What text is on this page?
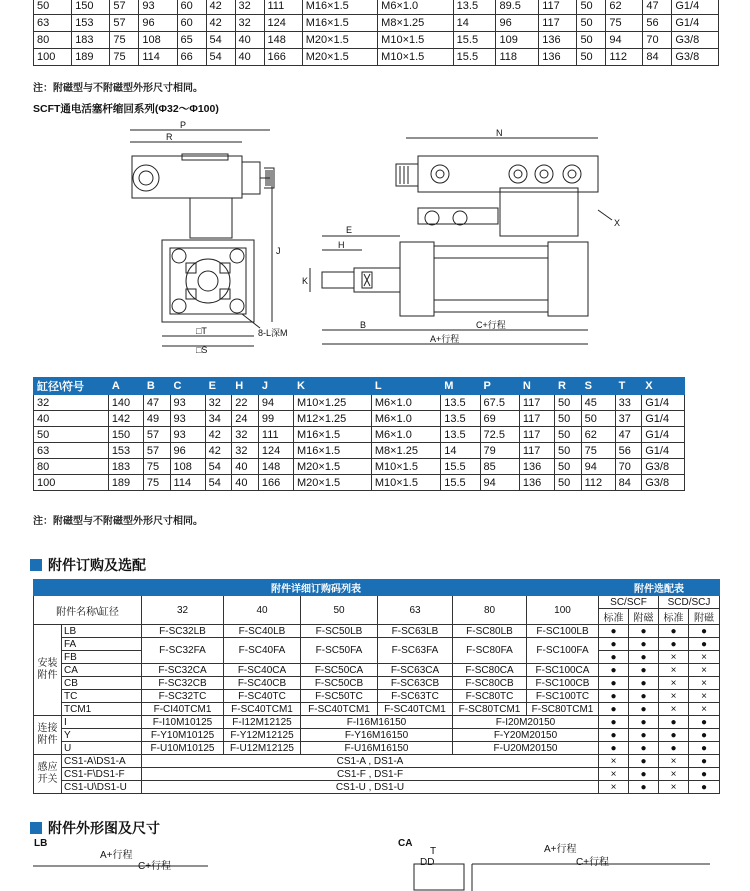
50	150	57	93	60	42	32	111	M16×1.5	M6×1.0	13.5	89.5	117	50	62	47	G1/4
63	153	57	96	60	42	32	124	M16×1.5	M8×1.25	14	96	117	50	75	56	G1/4
80	183	75	108	65	54	40	148	M20×1.5	M10×1.5	15.5	109	136	50	94	70	G3/8
100	189	75	114	66	54	40	166	M20×1.5	M10×1.5	15.5	118	136	50	112	84	G3/8
注：附磁型与不附磁型外形尺寸相同。
SCFT通电活塞杆缩回系列(Φ32～Φ100)
P
R
J
□T
□S
8-L深M
N
X
E
H
K
B	C+行程
A+行程
缸径\符号	A	B	C	E	H	J	K	L	M	P	N	R	S	T	X
32	140	47	93	32	22	94	M10×1.25	M6×1.0	13.5	67.5	117	50	45	33	G1/4
40	142	49	93	34	24	99	M12×1.25	M6×1.0	13.5	69	117	50	50	37	G1/4
50	150	57	93	42	32	111	M16×1.5	M6×1.0	13.5	72.5	117	50	62	47	G1/4
63	153	57	96	42	32	124	M16×1.5	M8×1.25	14	79	117	50	75	56	G1/4
80	183	75	108	54	40	148	M20×1.5	M10×1.5	15.5	85	136	50	94	70	G3/8
100	189	75	114	54	40	166	M20×1.5	M10×1.5	15.5	94	136	50	112	84	G3/8
注：附磁型与不附磁型外形尺寸相同。
附件订购及选配
附件详细订购码列表								附件选配表			
附件名称\缸径		32	40	50	63	80	100	SC/SCF		SCD/SCJ	
								标准	附磁	标准	附磁
安装附件	LB	F-SC32LB	F-SC40LB	F-SC50LB	F-SC63LB	F-SC80LB	F-SC100LB	●	●	●	●
	FA	F-SC32FA	F-SC40FA	F-SC50FA	F-SC63FA	F-SC80FA	F-SC100FA	●	●	●	●
	FB							●	●	×	×
	CA	F-SC32CA	F-SC40CA	F-SC50CA	F-SC63CA	F-SC80CA	F-SC100CA	●	●	×	×
	CB	F-SC32CB	F-SC40CB	F-SC50CB	F-SC63CB	F-SC80CB	F-SC100CB	●	●	×	×
	TC	F-SC32TC	F-SC40TC	F-SC50TC	F-SC63TC	F-SC80TC	F-SC100TC	●	●	×	×
	TCM1	F-CI40TCM1	F-SC40TCM1	F-SC40TCM1	F-SC40TCM1	F-SC80TCM1	F-SC80TCM1	●	●	×	×
连接附件	I	F-I10M10125	F-I12M12125	F-I16M16150		F-I20M20150		●	●	●	●
	Y	F-Y10M10125	F-Y12M12125	F-Y16M16150		F-Y20M20150		●	●	●	●
	U	F-U10M10125	F-U12M12125	F-U16M16150		F-U20M20150		●	●	●	●
感应开关	CS1-A\DS1-A	CS1-A , DS1-A						×	●	×	●
	CS1-F\DS1-F	CS1-F , DS1-F						×	●	×	●
	CS1-U\DS1-U	CS1-U , DS1-U						×	●	×	●
附件外形图及尺寸
LB
A+行程
C+行程
CA
T
DD
A+行程
C+行程
